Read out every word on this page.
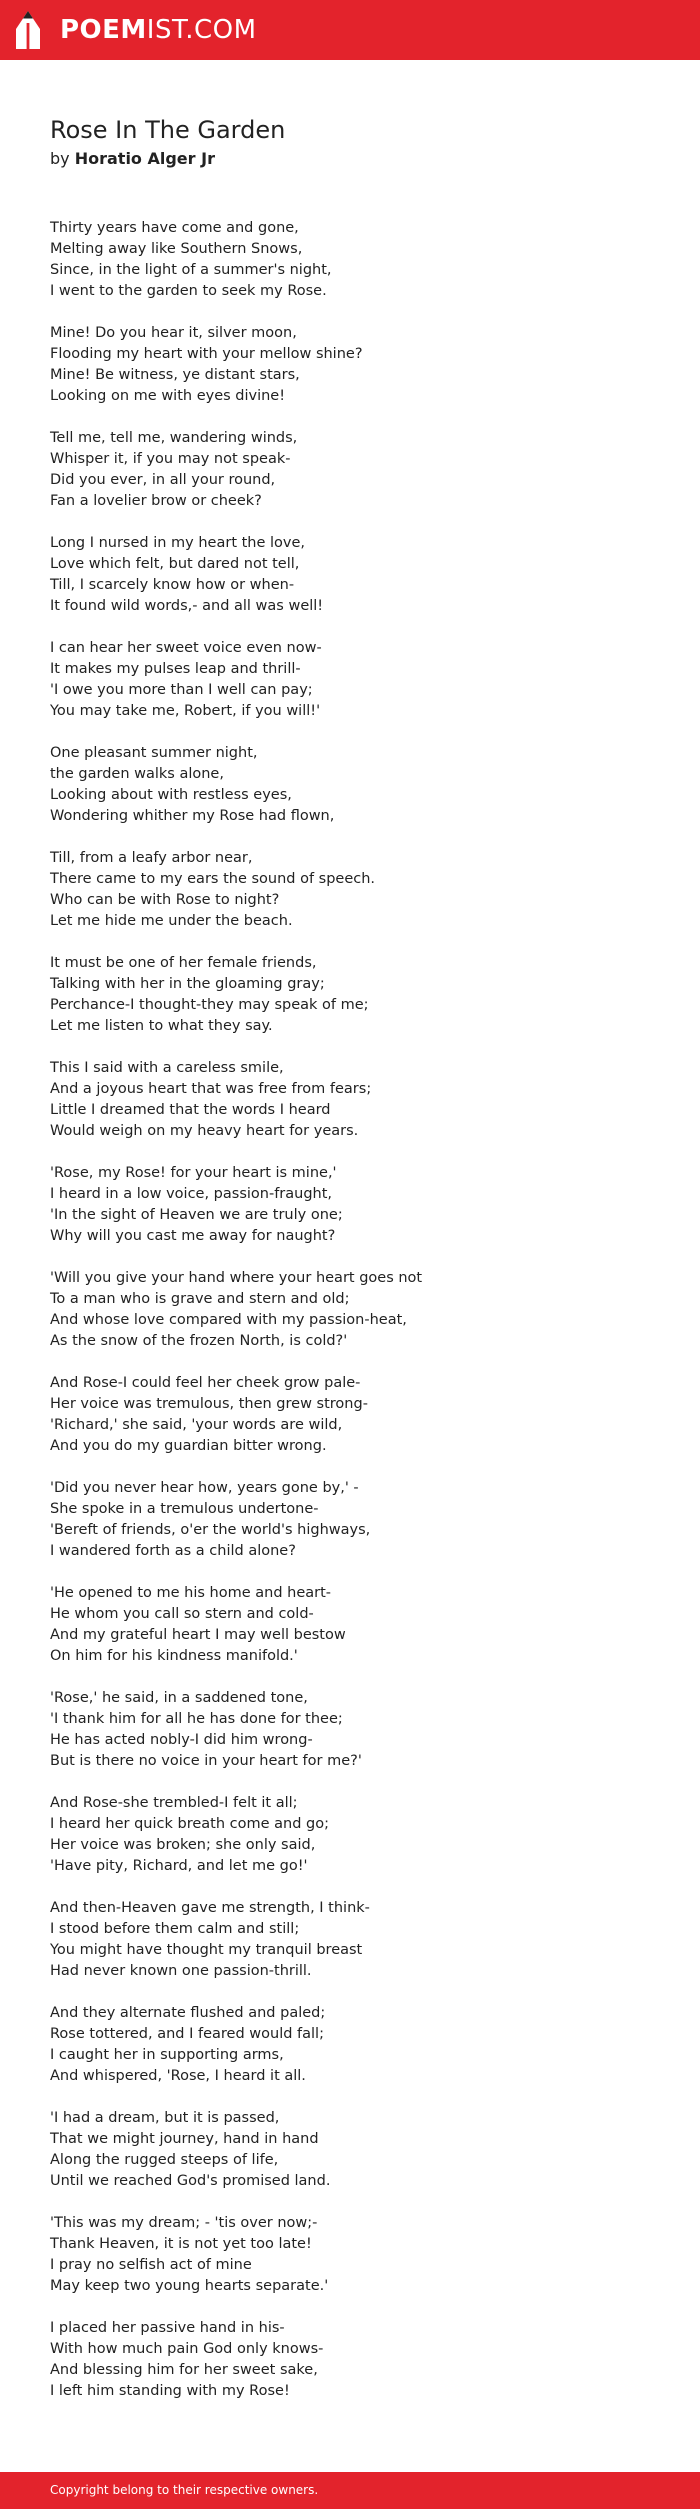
POEMIST.COM
Rose In The Garden
by Horatio Alger Jr
Thirty years have come and gone,
Melting away like Southern Snows,
Since, in the light of a summer's night,
I went to the garden to seek my Rose.
Mine! Do you hear it, silver moon,
Flooding my heart with your mellow shine?
Mine! Be witness, ye distant stars,
Looking on me with eyes divine!
Tell me, tell me, wandering winds,
Whisper it, if you may not speak-
Did you ever, in all your round,
Fan a lovelier brow or cheek?
Long I nursed in my heart the love,
Love which felt, but dared not tell,
Till, I scarcely know how or when-
It found wild words,- and all was well!
I can hear her sweet voice even now-
It makes my pulses leap and thrill-
'I owe you more than I well can pay;
You may take me, Robert, if you will!'
One pleasant summer night,
the garden walks alone,
Looking about with restless eyes,
Wondering whither my Rose had flown,
Till, from a leafy arbor near,
There came to my ears the sound of speech.
Who can be with Rose to night?
Let me hide me under the beach.
It must be one of her female friends,
Talking with her in the gloaming gray;
Perchance-I thought-they may speak of me;
Let me listen to what they say.
This I said with a careless smile,
And a joyous heart that was free from fears;
Little I dreamed that the words I heard
Would weigh on my heavy heart for years.
'Rose, my Rose! for your heart is mine,'
I heard in a low voice, passion-fraught,
'In the sight of Heaven we are truly one;
Why will you cast me away for naught?
'Will you give your hand where your heart goes not
To a man who is grave and stern and old;
And whose love compared with my passion-heat,
As the snow of the frozen North, is cold?'
And Rose-I could feel her cheek grow pale-
Her voice was tremulous, then grew strong-
'Richard,' she said, 'your words are wild,
And you do my guardian bitter wrong.
'Did you never hear how, years gone by,' -
She spoke in a tremulous undertone-
'Bereft of friends, o'er the world's highways,
I wandered forth as a child alone?
'He opened to me his home and heart-
He whom you call so stern and cold-
And my grateful heart I may well bestow
On him for his kindness manifold.'
'Rose,' he said, in a saddened tone,
'I thank him for all he has done for thee;
He has acted nobly-I did him wrong-
But is there no voice in your heart for me?'
And Rose-she trembled-I felt it all;
I heard her quick breath come and go;
Her voice was broken; she only said,
'Have pity, Richard, and let me go!'
And then-Heaven gave me strength, I think-
I stood before them calm and still;
You might have thought my tranquil breast
Had never known one passion-thrill.
And they alternate flushed and paled;
Rose tottered, and I feared would fall;
I caught her in supporting arms,
And whispered, 'Rose, I heard it all.
'I had a dream, but it is passed,
That we might journey, hand in hand
Along the rugged steeps of life,
Until we reached God's promised land.
'This was my dream; - 'tis over now;-
Thank Heaven, it is not yet too late!
I pray no selfish act of mine
May keep two young hearts separate.'
I placed her passive hand in his-
With how much pain God only knows-
And blessing him for her sweet sake,
I left him standing with my Rose!
Copyright belong to their respective owners.
